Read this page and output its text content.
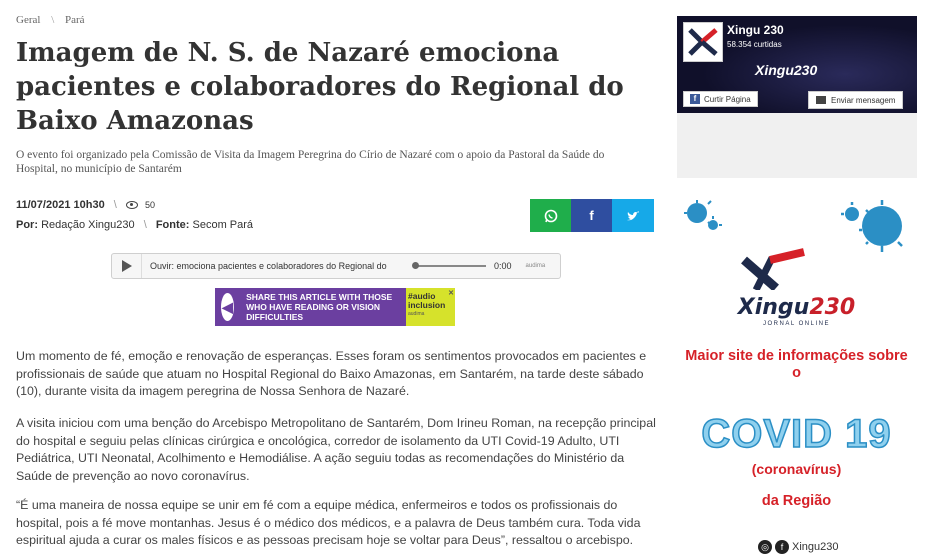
Geral \ Pará
Imagem de N. S. de Nazaré emociona pacientes e colaboradores do Regional do Baixo Amazonas

O evento foi organizado pela Comissão de Visita da Imagem Peregrina do Círio de Nazaré com o apoio da Pastoral da Saúde do Hospital, no município de Santarém

11/07/2021 10h30 \	50
Por: Redação Xingu230 \ Fonte: Secom Pará
f
Ouvir: emociona pacientes e colaboradores do Regional do	0:00 audima
◀
SHARE THIS ARTICLE WITH THOSE WHO HAVE READING OR VISION DIFFICULTIES
#audio inclusion
audima
✕

Um momento de fé, emoção e renovação de esperanças. Esses foram os sentimentos provocados em pacientes e profissionais de saúde que atuam no Hospital Regional do Baixo Amazonas, em Santarém, na tarde deste sábado (10), durante visita da imagem peregrina de Nossa Senhora de Nazaré.

A visita iniciou com uma benção do Arcebispo Metropolitano de Santarém, Dom Irineu Roman, na recepção principal do hospital e seguiu pelas clínicas cirúrgica e oncológica, corredor de isolamento da UTI Covid-19 Adulto, UTI Pediátrica, UTI Neonatal, Acolhimento e Hemodiálise. A ação seguiu todas as recomendações do Ministério da Saúde de prevenção ao novo coronavírus.

“É uma maneira de nossa equipe se unir em fé com a equipe médica, enfermeiros e todos os profissionais do hospital, pois a fé move montanhas. Jesus é o médico dos médicos, e a palavra de Deus também cura. Toda vida espiritual ajuda a curar os males físicos e as pessoas precisam hoje se voltar para Deus”, ressaltou o arcebispo.

Xingu 230
58.354 curtidas
Xingu230
f Curtir Página	Enviar mensagem
Xingu230
JORNAL ONLINE
Maior site de informações sobre o
COVID 19
(coronavírus)
da Região
◎	f Xingu230
